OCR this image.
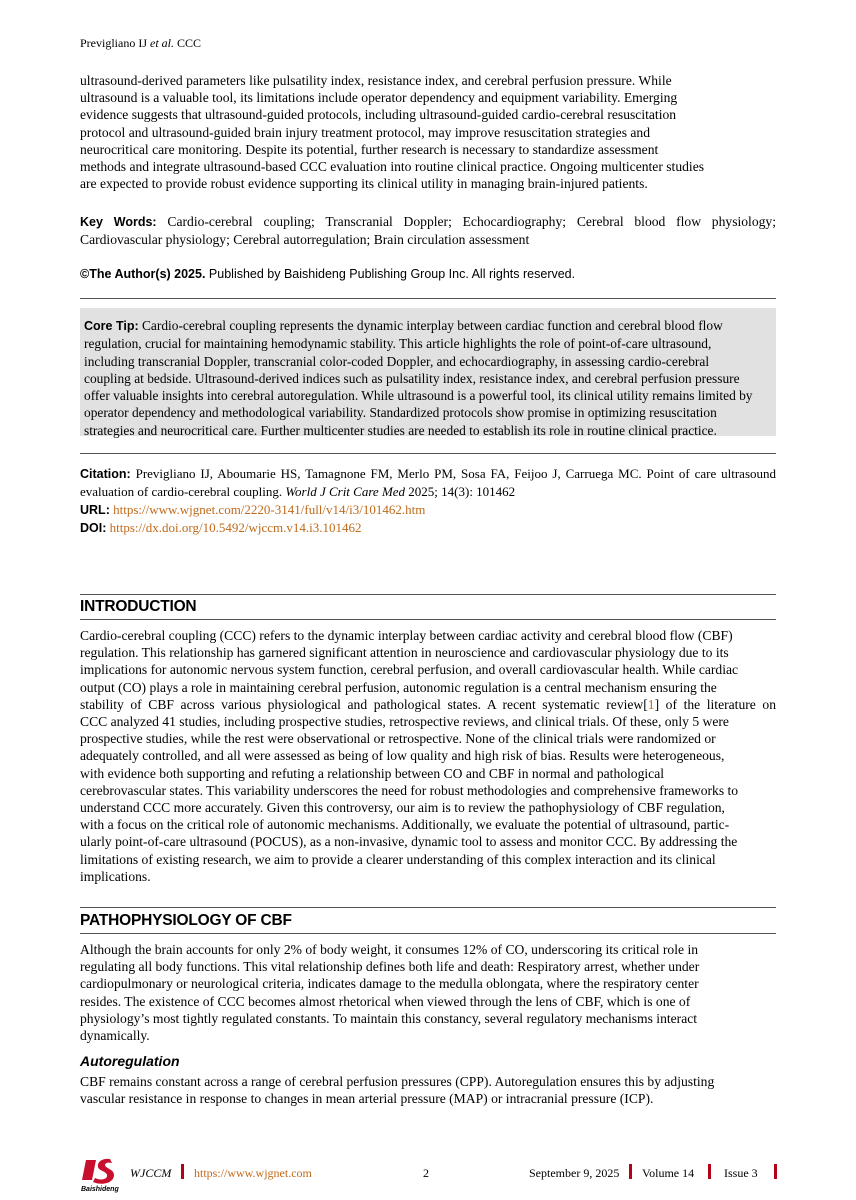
Previgliano IJ et al. CCC

ultrasound-derived parameters like pulsatility index, resistance index, and cerebral perfusion pressure. While

ultrasound is a valuable tool, its limitations include operator dependency and equipment variability. Emerging

evidence suggests that ultrasound-guided protocols, including ultrasound-guided cardio-cerebral resuscitation

protocol and ultrasound-guided brain injury treatment protocol, may improve resuscitation strategies and

neurocritical care monitoring. Despite its potential, further research is necessary to standardize assessment

methods and integrate ultrasound-based CCC evaluation into routine clinical practice. Ongoing multicenter studies

are expected to provide robust evidence supporting its clinical utility in managing brain-injured patients.

Key Words: Cardio-cerebral coupling; Transcranial Doppler; Echocardiography; Cerebral blood flow physiology;
Cardiovascular physiology; Cerebral autorregulation; Brain circulation assessment
©The Author(s) 2025. Published by Baishideng Publishing Group Inc. All rights reserved.

Core Tip: Cardio-cerebral coupling represents the dynamic interplay between cardiac function and cerebral blood flow

regulation, crucial for maintaining hemodynamic stability. This article highlights the role of point-of-care ultrasound,

including transcranial Doppler, transcranial color-coded Doppler, and echocardiography, in assessing cardio-cerebral

coupling at bedside. Ultrasound-derived indices such as pulsatility index, resistance index, and cerebral perfusion pressure

offer valuable insights into cerebral autoregulation. While ultrasound is a powerful tool, its clinical utility remains limited by

operator dependency and methodological variability. Standardized protocols show promise in optimizing resuscitation

strategies and neurocritical care. Further multicenter studies are needed to establish its role in routine clinical practice.

Citation: Previgliano IJ, Aboumarie HS, Tamagnone FM, Merlo PM, Sosa FA, Feijoo J, Carruega MC. Point of care ultrasound

evaluation of cardio-cerebral coupling. World J Crit Care Med 2025; 14(3): 101462

URL: https://www.wjgnet.com/2220-3141/full/v14/i3/101462.htm

DOI: https://dx.doi.org/10.5492/wjccm.v14.i3.101462

INTRODUCTION

Cardio-cerebral coupling (CCC) refers to the dynamic interplay between cardiac activity and cerebral blood flow (CBF)

regulation. This relationship has garnered significant attention in neuroscience and cardiovascular physiology due to its

implications for autonomic nervous system function, cerebral perfusion, and overall cardiovascular health. While cardiac

output (CO) plays a role in maintaining cerebral perfusion, autonomic regulation is a central mechanism ensuring the

stability of CBF across various physiological and pathological states. A recent systematic review[1] of the literature on

CCC analyzed 41 studies, including prospective studies, retrospective reviews, and clinical trials. Of these, only 5 were

prospective studies, while the rest were observational or retrospective. None of the clinical trials were randomized or

adequately controlled, and all were assessed as being of low quality and high risk of bias. Results were heterogeneous,

with evidence both supporting and refuting a relationship between CO and CBF in normal and pathological

cerebrovascular states. This variability underscores the need for robust methodologies and comprehensive frameworks to

understand CCC more accurately. Given this controversy, our aim is to review the pathophysiology of CBF regulation,

with a focus on the critical role of autonomic mechanisms. Additionally, we evaluate the potential of ultrasound, partic-

ularly point-of-care ultrasound (POCUS), as a non-invasive, dynamic tool to assess and monitor CCC. By addressing the

limitations of existing research, we aim to provide a clearer understanding of this complex interaction and its clinical

implications.

PATHOPHYSIOLOGY OF CBF

Although the brain accounts for only 2% of body weight, it consumes 12% of CO, underscoring its critical role in

regulating all body functions. This vital relationship defines both life and death: Respiratory arrest, whether under

cardiopulmonary or neurological criteria, indicates damage to the medulla oblongata, where the respiratory center

resides. The existence of CCC becomes almost rhetorical when viewed through the lens of CBF, which is one of

physiology’s most tightly regulated constants. To maintain this constancy, several regulatory mechanisms interact

dynamically.

Autoregulation

CBF remains constant across a range of cerebral perfusion pressures (CPP). Autoregulation ensures this by adjusting

vascular resistance in response to changes in mean arterial pressure (MAP) or intracranial pressure (ICP).

Baishideng
WJCCM https://www.wjgnet.com	2	September 9, 2025 Volume 14 Issue 3
